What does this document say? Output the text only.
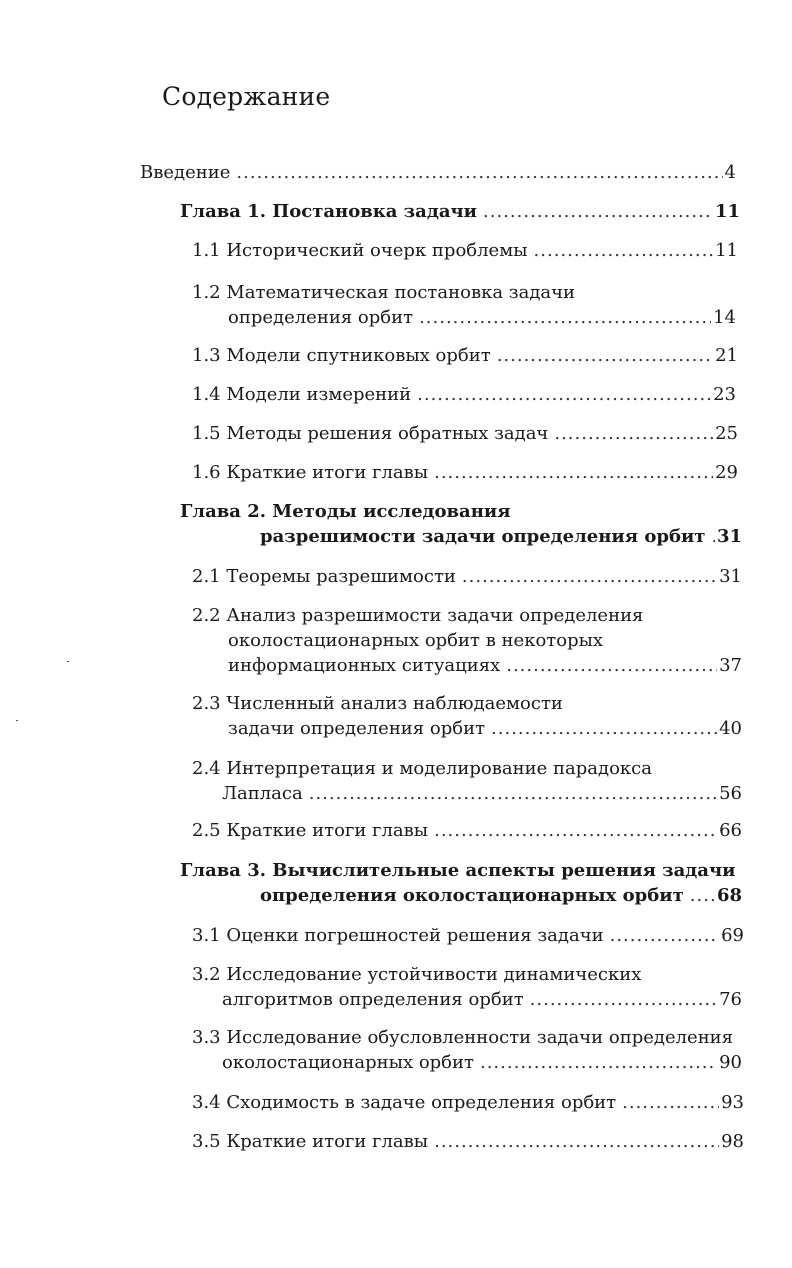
Содержание
Введение .....	4
Глава 1. Постановка задачи .....	11
1.1 Исторический очерк проблемы .....	11
1.2 Математическая постановка задачи
определения орбит .....	14
1.3 Модели спутниковых орбит .....	21
1.4 Модели измерений .....	23
1.5 Методы решения обратных задач .....	25
1.6 Краткие итоги главы .....	29
Глава 2. Методы исследования
разрешимости задачи определения орбит ..... 31
2.1 Теоремы разрешимости .....	31
2.2 Анализ разрешимости задачи определения
околостационарных орбит в некоторых
информационных ситуациях .....	37
2.3 Численный анализ наблюдаемости
задачи определения орбит .....	40
2.4 Интерпретация и моделирование парадокса
Лапласа .....	56
2.5 Краткие итоги главы .....	66
Глава 3. Вычислительные аспекты решения задачи
определения околостационарных орбит ..... 68
3.1 Оценки погрешностей решения задачи .....	69
3.2 Исследование устойчивости динамических
алгоритмов определения орбит .....	76
3.3 Исследование обусловленности задачи определения
околостационарных орбит .....	90
3.4 Сходимость в задаче определения орбит .....	93
3.5 Краткие итоги главы .....	98
